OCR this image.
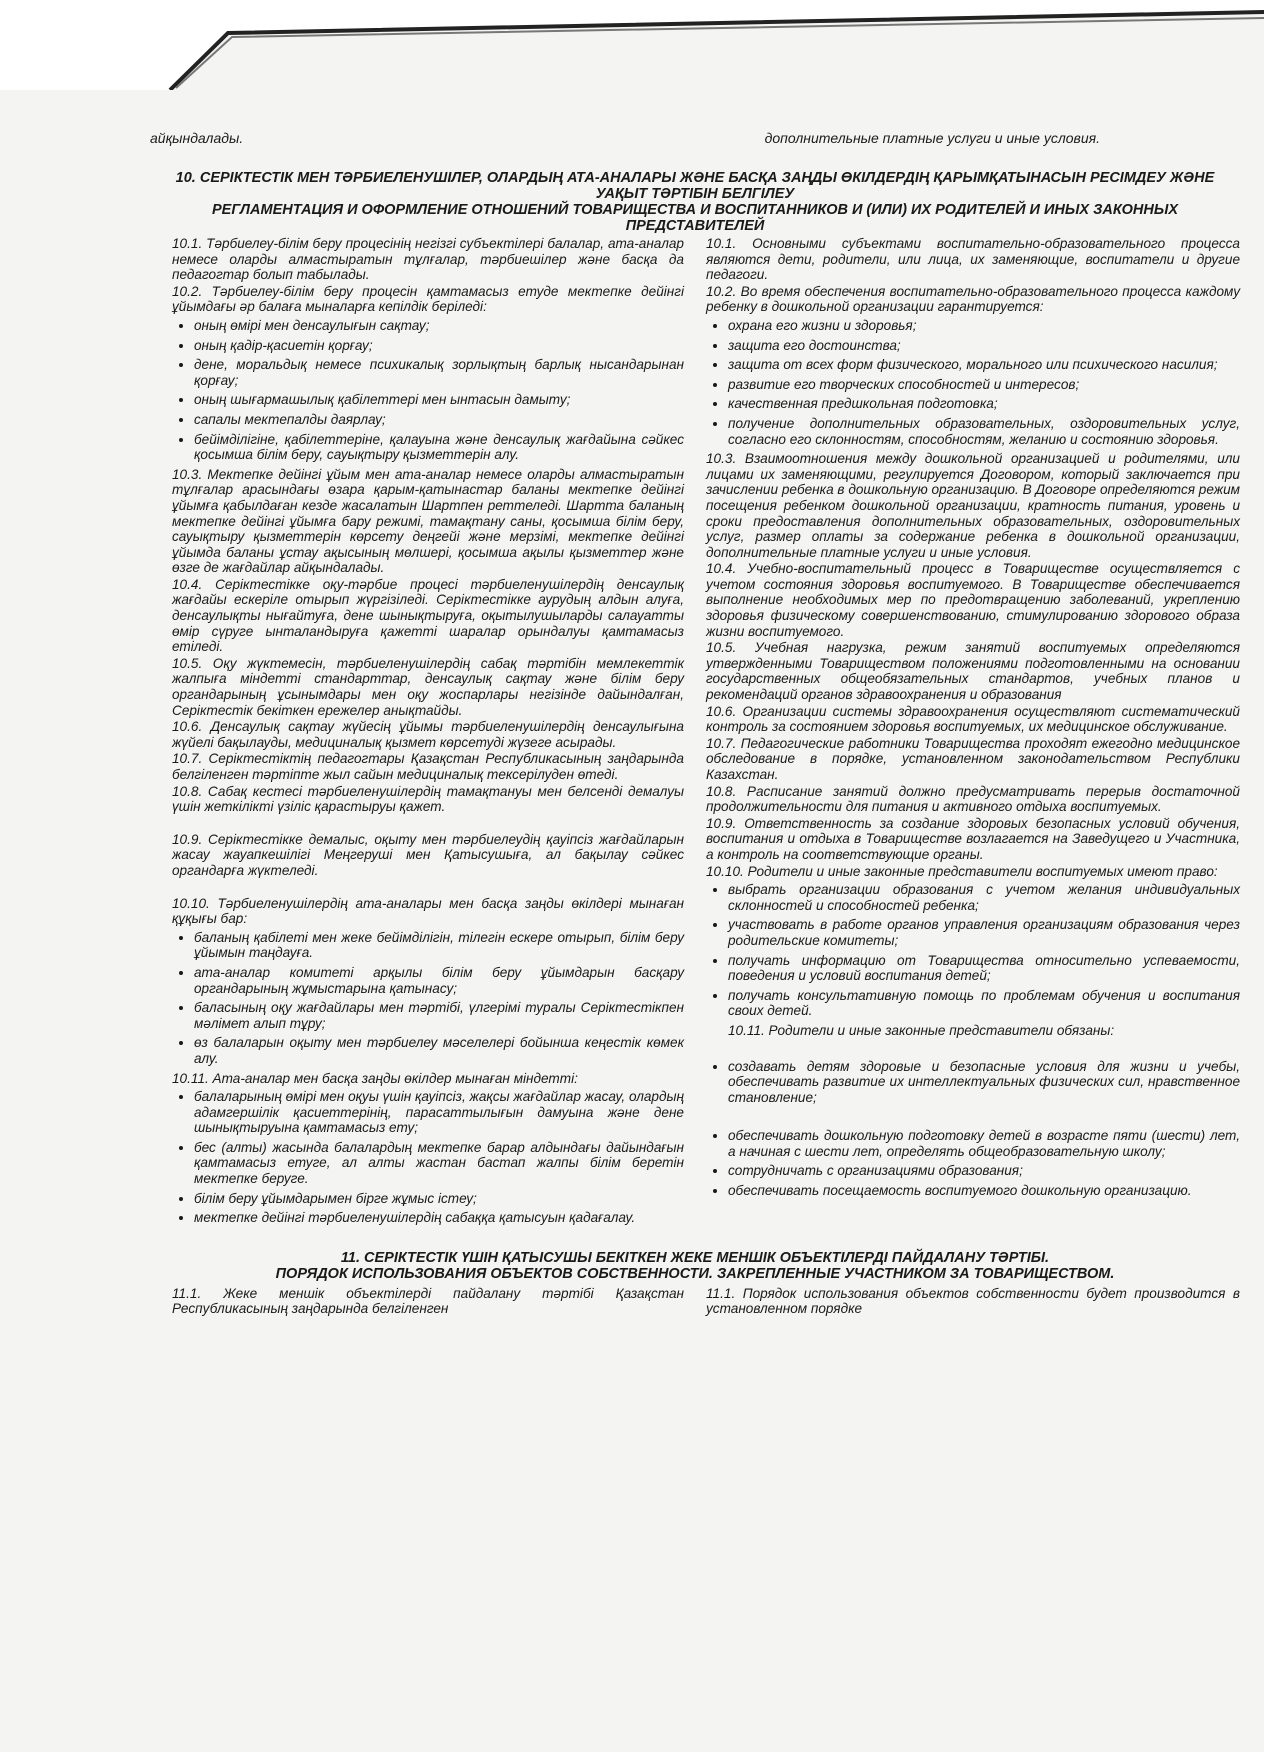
айқындалады.	дополнительные платные услуги и иные условия.
10. СЕРІКТЕСТІК МЕН ТӘРБИЕЛЕНУШІЛЕР, ОЛАРДЫҢ АТА-АНАЛАРЫ ЖӘНЕ БАСҚА ЗАҢДЫ ӨКІЛДЕРДІҢ ҚАРЫМҚАТЫНАСЫН РЕСІМДЕУ ЖӘНЕ УАҚЫТ ТӘРТІБІН БЕЛГІЛЕУ
РЕГЛАМЕНТАЦИЯ И ОФОРМЛЕНИЕ ОТНОШЕНИЙ ТОВАРИЩЕСТВА И ВОСПИТАННИКОВ И (ИЛИ) ИХ РОДИТЕЛЕЙ И ИНЫХ ЗАКОННЫХ ПРЕДСТАВИТЕЛЕЙ

10.1. Тәрбиелеу-білім беру процесінің негізгі субъектілері балалар, ата-аналар немесе оларды алмастыратын тұлғалар, тәрбиешілер және басқа да педагогтар болып табылады.

10.2. Тәрбиелеу-білім беру процесін қамтамасыз етуде мектепке дейінгі ұйымдағы әр балаға мыналарға кепілдік беріледі:

• оның өмірі мен денсаулығын сақтау;
• оның қадір-қасиетін қорғау;
• дене, моральдық немесе психикалық зорлықтың барлық нысандарынан қорғау;
• оның шығармашылық қабілеттері мен ынтасын дамыту;
• сапалы мектепалды даярлау;
• бейімділігіне, қабілеттеріне, қалауына және денсаулық жағдайына сәйкес қосымша білім беру, сауықтыру қызметтерін алу.

10.3. Мектепке дейінгі ұйым мен ата-аналар немесе оларды алмастыратын тұлғалар арасындағы өзара қарым-қатынастар баланы мектепке дейінгі ұйымға қабылдаған кезде жасалатын Шартпен реттеледі. Шартта баланың мектепке дейінгі ұйымға бару режимі, тамақтану саны, қосымша білім беру, сауықтыру қызметтерін көрсету деңгейі және мерзімі, мектепке дейінгі ұйымда баланы ұстау ақысының мөлшері, қосымша ақылы қызметтер және өзге де жағдайлар айқындалады.

10.4. Серіктестікке оқу-тәрбие процесі тәрбиеленушілердің денсаулық жағдайы ескеріле отырып жүргізіледі. Серіктестікке аурудың алдын алуға, денсаулықты нығайтуға, дене шынықтыруға, оқытылушыларды салауатты өмір сүруге ынталандыруға қажетті шаралар орындалуы қамтамасыз етіледі.

10.5. Оқу жүктемесін, тәрбиеленушілердің сабақ тәртібін мемлекеттік жалпыға міндетті стандарттар, денсаулық сақтау және білім беру органдарының ұсынымдары мен оқу жоспарлары негізінде дайындалған, Серіктестік бекіткен ережелер анықтайды.

10.6. Денсаулық сақтау жүйесің ұйымы тәрбиеленушілердің денсаулығына жүйелі бақылауды, медициналық қызмет көрсетуді жүзеге асырады.

10.7. Серіктестіктің педагогтары Қазақстан Республикасының заңдарында белгіленген тәртіпте жыл сайын медициналық тексерілуден өтеді.

10.8. Сабақ кестесі тәрбиеленушілердің тамақтануы мен белсенді демалуы үшін жеткілікті үзіліс қарастыруы қажет.

10.9. Серіктестікке демалыс, оқыту мен тәрбиелеудің қауіпсіз жағдайларын жасау жауапкешілігі Меңгеруші мен Қатысушыға, ал бақылау сәйкес органдарға жүктеледі.

10.10. Тәрбиеленушілердің ата-аналары мен басқа заңды өкілдері мынаған құқығы бар:

• баланың қабілеті мен жеке бейімділігін, тілегін ескере отырып, білім беру ұйымын таңдауға.
• ата-аналар комитеті арқылы білім беру ұйымдарын басқару органдарының жұмыстарына қатынасу;
• баласының оқу жағдайлары мен тәртібі, үлгерімі туралы Серіктестікпен мәлімет алып тұру;
• өз балаларын оқыту мен тәрбиелеу мәселелері бойынша кеңестік көмек алу.

10.11. Ата-аналар мен басқа заңды өкілдер мынаған міндетті:

• балаларының өмірі мен оқуы үшін қауіпсіз, жақсы жағдайлар жасау, олардың адамгершілік қасиеттерінің, парасаттылығын дамуына және дене шынықтыруына қамтамасыз ету;
• бес (алты) жасында балалардың мектепке барар алдындағы дайындағын қамтамасыз етуге, ал алты жастан бастап жалпы білім беретін мектепке беруге.
• білім беру ұйымдарымен бірге жұмыс істеу;
• мектепке дейінгі тәрбиеленушілердің сабаққа қатысуын қадағалау.

10.1. Основными субъектами воспитательно-образовательного процесса являются дети, родители, или лица, их заменяющие, воспитатели и другие педагоги.

10.2. Во время обеспечения воспитательно-образовательного процесса каждому ребенку в дошкольной организации гарантируется:

• охрана его жизни и здоровья;
• защита его достоинства;
• защита от всех форм физического, морального или психического насилия;
• развитие его творческих способностей и интересов;
• качественная предшкольная подготовка;
• получение дополнительных образовательных, оздоровительных услуг, согласно его склонностям, способностям, желанию и состоянию здоровья.

10.3. Взаимоотношения между дошкольной организацией и родителями, или лицами их заменяющими, регулируется Договором, который заключается при зачислении ребенка в дошкольную организацию. В Договоре определяются режим посещения ребенком дошкольной организации, кратность питания, уровень и сроки предоставления дополнительных образовательных, оздоровительных услуг, размер оплаты за содержание ребенка в дошкольной организации, дополнительные платные услуги и иные условия.

10.4. Учебно-воспитательный процесс в Товариществе осуществляется с учетом состояния здоровья воспитуемого. В Товариществе обеспечивается выполнение необходимых мер по предотвращению заболеваний, укреплению здоровья физическому совершенствованию, стимулированию здорового образа жизни воспитуемого.

10.5. Учебная нагрузка, режим занятий воспитуемых определяются утвержденными Товариществом положениями подготовленными на основании государственных общеобязательных стандартов, учебных планов и рекомендаций органов здравоохранения и образования

10.6. Организации системы здравоохранения осуществляют систематический контроль за состоянием здоровья воспитуемых, их медицинское обслуживание.

10.7. Педагогические работники Товарищества проходят ежегодно медицинское обследование в порядке, установленном законодательством Республики Казахстан.

10.8. Расписание занятий должно предусматривать перерыв достаточной продолжительности для питания и активного отдыха воспитуемых.

10.9. Ответственность за создание здоровых безопасных условий обучения, воспитания и отдыха в Товариществе возлагается на Заведущего и Участника, а контроль на соответствующие органы.

10.10. Родители и иные законные представители воспитуемых имеют право:

• выбрать организации образования с учетом желания индивидуальных склонностей и способностей ребенка;
• участвовать в работе органов управления организациям образования через родительские комитеты;
• получать информацию от Товарищества относительно успеваемости, поведения и условий воспитания детей;
• получать консультативную помощь по проблемам обучения и воспитания своих детей.

10.11. Родители и иные законные представители обязаны:

• создавать детям здоровые и безопасные условия для жизни и учебы, обеспечивать развитие их интеллектуальных физических сил, нравственное становление;
• обеспечивать дошкольную подготовку детей в возрасте пяти (шести) лет, а начиная с шести лет, определять общеобразовательную школу;
• сотрудничать с организациями образования;
• обеспечивать посещаемость воспитуемого дошкольную организацию.
11. СЕРІКТЕСТІК ҮШІН ҚАТЫСУШЫ БЕКІТКЕН ЖЕКЕ МЕНШІК ОБЪЕКТІЛЕРДІ ПАЙДАЛАНУ ТӘРТІБІ.
ПОРЯДОК ИСПОЛЬЗОВАНИЯ ОБЪЕКТОВ СОБСТВЕННОСТИ. ЗАКРЕПЛЕННЫЕ УЧАСТНИКОМ ЗА ТОВАРИЩЕСТВОМ.
11.1. Жеке меншік объектілерді пайдалану тәртібі Қазақстан Республикасының заңдарында белгіленген
11.1. Порядок использования объектов собственности будет производится в установленном порядке
